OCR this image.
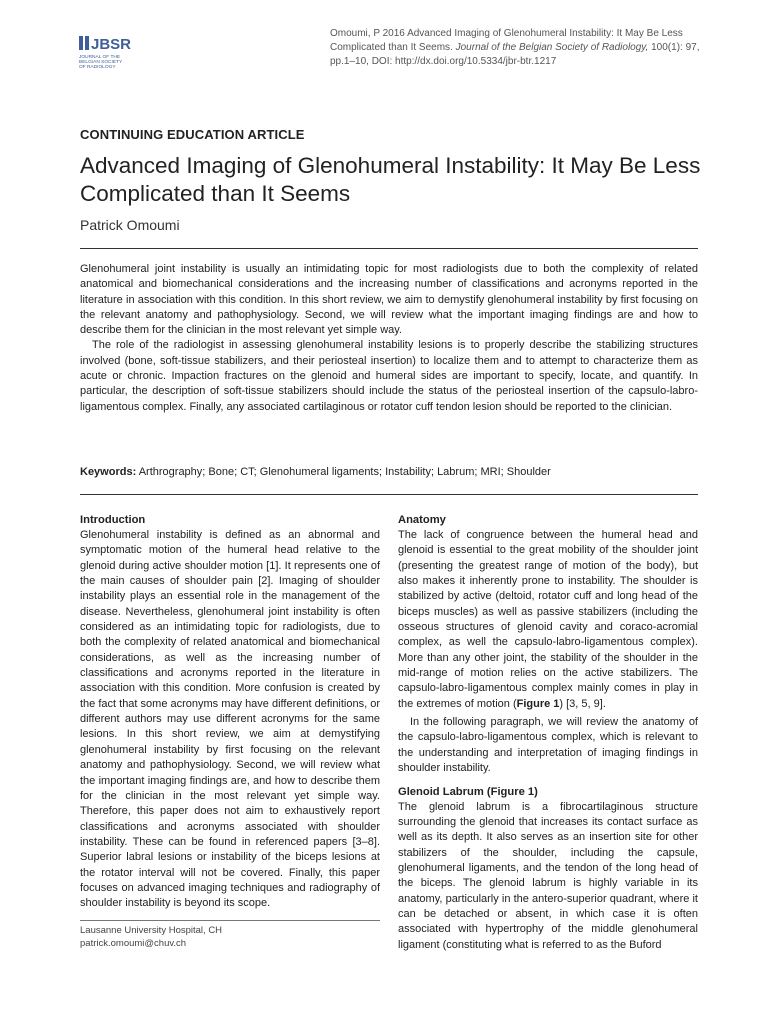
JBSR
JOURNAL OF THE
BELGIAN SOCIETY
OF RADIOLOGY
Omoumi, P 2016 Advanced Imaging of Glenohumeral Instability: It May Be Less Complicated than It Seems. Journal of the Belgian Society of Radiology, 100(1): 97, pp.1–10, DOI: http://dx.doi.org/10.5334/jbr-btr.1217
CONTINUING EDUCATION ARTICLE
Advanced Imaging of Glenohumeral Instability: It May Be Less Complicated than It Seems
Patrick Omoumi

Glenohumeral joint instability is usually an intimidating topic for most radiologists due to both the complexity of related anatomical and biomechanical considerations and the increasing number of classifications and acronyms reported in the literature in association with this condition. In this short review, we aim to demystify glenohumeral instability by first focusing on the relevant anatomy and pathophysiology. Second, we will review what the important imaging findings are and how to describe them for the clinician in the most relevant yet simple way.

The role of the radiologist in assessing glenohumeral instability lesions is to properly describe the stabilizing structures involved (bone, soft-tissue stabilizers, and their periosteal insertion) to localize them and to attempt to characterize them as acute or chronic. Impaction fractures on the glenoid and humeral sides are important to specify, locate, and quantify. In particular, the description of soft-tissue stabilizers should include the status of the periosteal insertion of the capsulo-labro-ligamentous complex. Finally, any associated cartilaginous or rotator cuff tendon lesion should be reported to the clinician.

Keywords: Arthrography; Bone; CT; Glenohumeral ligaments; Instability; Labrum; MRI; Shoulder
Introduction

Glenohumeral instability is defined as an abnormal and symptomatic motion of the humeral head relative to the glenoid during active shoulder motion [1]. It represents one of the main causes of shoulder pain [2]. Imaging of shoulder instability plays an essential role in the management of the disease. Nevertheless, glenohumeral joint instability is often considered as an intimidating topic for radiologists, due to both the complexity of related anatomical and biomechanical considerations, as well as the increasing number of classifications and acronyms reported in the literature in association with this condition. More confusion is created by the fact that some acronyms may have different definitions, or different authors may use different acronyms for the same lesions. In this short review, we aim at demystifying glenohumeral instability by first focusing on the relevant anatomy and pathophysiology. Second, we will review what the important imaging findings are, and how to describe them for the clinician in the most relevant yet simple way. Therefore, this paper does not aim to exhaustively report classifications and acronyms associated with shoulder instability. These can be found in referenced papers [3–8]. Superior labral lesions or instability of the biceps lesions at the rotator interval will not be covered. Finally, this paper focuses on advanced imaging techniques and radiography of shoulder instability is beyond its scope.

Lausanne University Hospital, CH
patrick.omoumi@chuv.ch
Anatomy

The lack of congruence between the humeral head and glenoid is essential to the great mobility of the shoulder joint (presenting the greatest range of motion of the body), but also makes it inherently prone to instability. The shoulder is stabilized by active (deltoid, rotator cuff and long head of the biceps muscles) as well as passive stabilizers (including the osseous structures of glenoid cavity and coraco-acromial complex, as well the capsulo-labro-ligamentous complex). More than any other joint, the stability of the shoulder in the mid-range of motion relies on the active stabilizers. The capsulo-labro-ligamentous complex mainly comes in play in the extremes of motion (Figure 1) [3, 5, 9].

In the following paragraph, we will review the anatomy of the capsulo-labro-ligamentous complex, which is relevant to the understanding and interpretation of imaging findings in shoulder instability.

Glenoid Labrum (Figure 1)

The glenoid labrum is a fibrocartilaginous structure surrounding the glenoid that increases its contact surface as well as its depth. It also serves as an insertion site for other stabilizers of the shoulder, including the capsule, glenohumeral ligaments, and the tendon of the long head of the biceps. The glenoid labrum is highly variable in its anatomy, particularly in the antero-superior quadrant, where it can be detached or absent, in which case it is often associated with hypertrophy of the middle glenohumeral ligament (constituting what is referred to as the Buford
